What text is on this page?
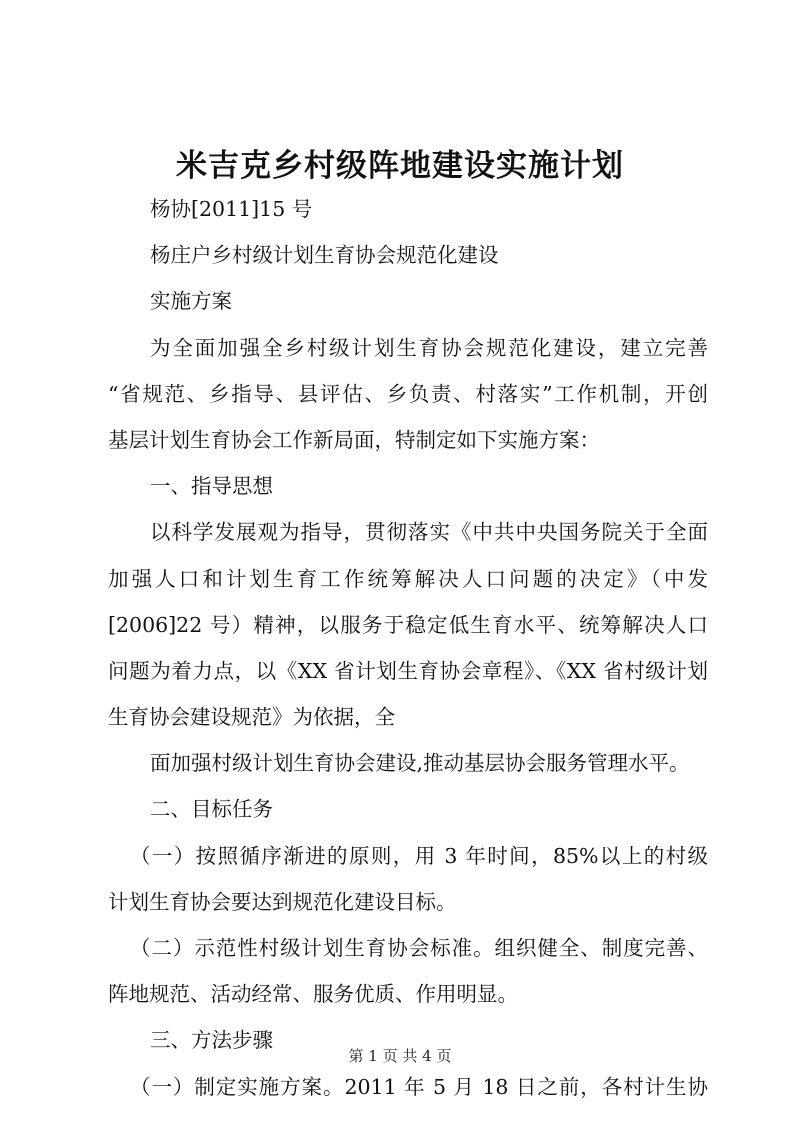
米吉克乡村级阵地建设实施计划
杨协[2011]15 号
杨庄户乡村级计划生育协会规范化建设
实施方案
为全面加强全乡村级计划生育协会规范化建设，建立完善
“省规范、乡指导、县评估、乡负责、村落实”工作机制，开创
基层计划生育协会工作新局面，特制定如下实施方案：
一、指导思想
以科学发展观为指导，贯彻落实《中共中央国务院关于全面
加强人口和计划生育工作统筹解决人口问题的决定》（中发
[2006]22 号）精神，以服务于稳定低生育水平、统筹解决人口
问题为着力点，以《XX 省计划生育协会章程》、《XX 省村级计划
生育协会建设规范》为依据，全
面加强村级计划生育协会建设,推动基层协会服务管理水平。
二、目标任务
（一）按照循序渐进的原则，用 3 年时间，85%以上的村级
计划生育协会要达到规范化建设目标。
（二）示范性村级计划生育协会标准。组织健全、制度完善、
阵地规范、活动经常、服务优质、作用明显。
三、方法步骤
（一）制定实施方案。2011 年 5 月 18 日之前，各村计生协
第 1 页 共 4 页
